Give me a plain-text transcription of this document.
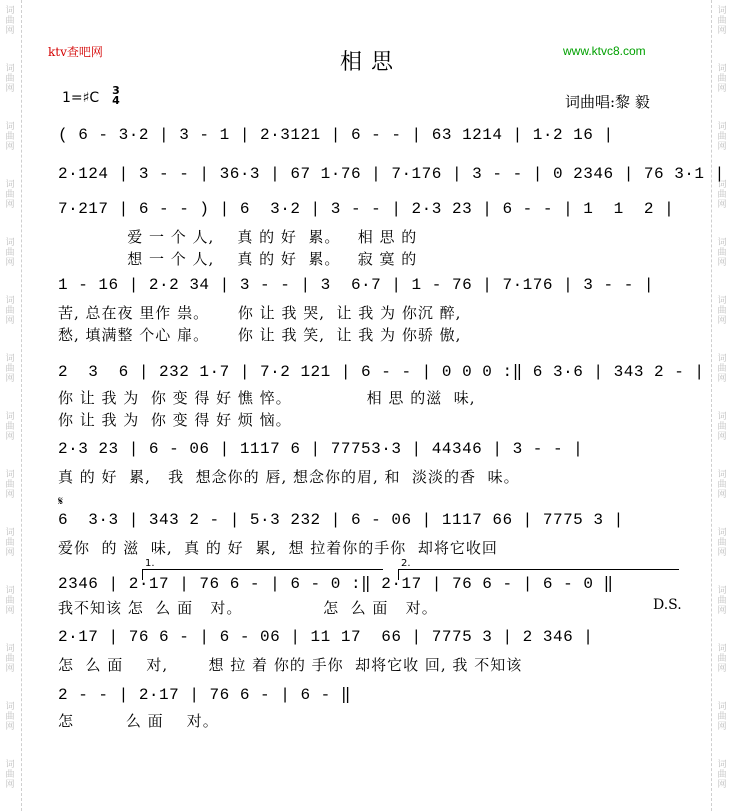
词
曲
网
词
曲
网
词
曲
网
词
曲
网
词
曲
网
词
曲
网
词
曲
网
词
曲
网
词
曲
网
词
曲
网
词
曲
网
词
曲
网
词
曲
网
词
曲
网
词
曲
网
词
曲
网
词
曲
网
词
曲
网
词
曲
网
词
曲
网
词
曲
网
词
曲
网
词
曲
网
词
曲
网
词
曲
网
词
曲
网
词
曲
网
词
曲
网
ktv查吧网	相 思	www.ktvc8.com
1=♯C 3
4	词曲唱:黎 毅
( 6 - 3·2 | 3 - 1 | 2·3121 | 6 - - | 63 1214 | 1·2 16 |
2·124 | 3 - - | 36·3 | 67 1·76 | 7·176 | 3 - - | 0 2346 | 76 3·1 |
7·217 | 6 - - ) | 6  3·2 | 3 - - | 2·3 23 | 6 - - | 1  1  2 |
爱 一 个 人,    真 的 好  累。   相 思 的
想 一 个 人,    真 的 好  累。   寂 寞 的
1 - 16 | 2·2 34 | 3 - - | 3  6·7 | 1 - 76 | 7·176 | 3 - - |
苦, 总在夜 里作 祟。     你 让 我 哭,  让 我 为 你沉 醉,
愁, 填满整 个心 扉。     你 让 我 笑,  让 我 为 你骄 傲,
2  3  6 | 232 1·7 | 7·2 121 | 6 - - | 0 0 0 :‖ 6 3·6 | 343 2 - |
你 让 我 为  你 变 得 好 憔 悴。             相 思 的滋  味,
你 让 我 为  你 变 得 好 烦 恼。
2·3 23 | 6 - 06 | 1117 6 | 77753·3 | 44346 | 3 - - |
真 的 好  累,   我  想念你的 唇, 想念你的眉, 和  淡淡的香  味。
𝄋
6  3·3 | 343 2 - | 5·3 232 | 6 - 06 | 1117 66 | 7775 3 |
爱你  的 滋  味,  真 的 好  累,  想 拉着你的手你  却将它收回
1.	2.
2346 | 2·17 | 76 6 - | 6 - 0 :‖ 2·17 | 76 6 - | 6 - 0 ‖
我不知该 怎  么 面   对。              怎  么 面   对。	D.S.
2·17 | 76 6 - | 6 - 06 | 11 17  66 | 7775 3 | 2 346 |
怎  么 面    对,       想 拉 着 你的 手你  却将它收 回, 我 不知该
2 - - | 2·17 | 76 6 - | 6 - ‖
怎         么 面    对。
